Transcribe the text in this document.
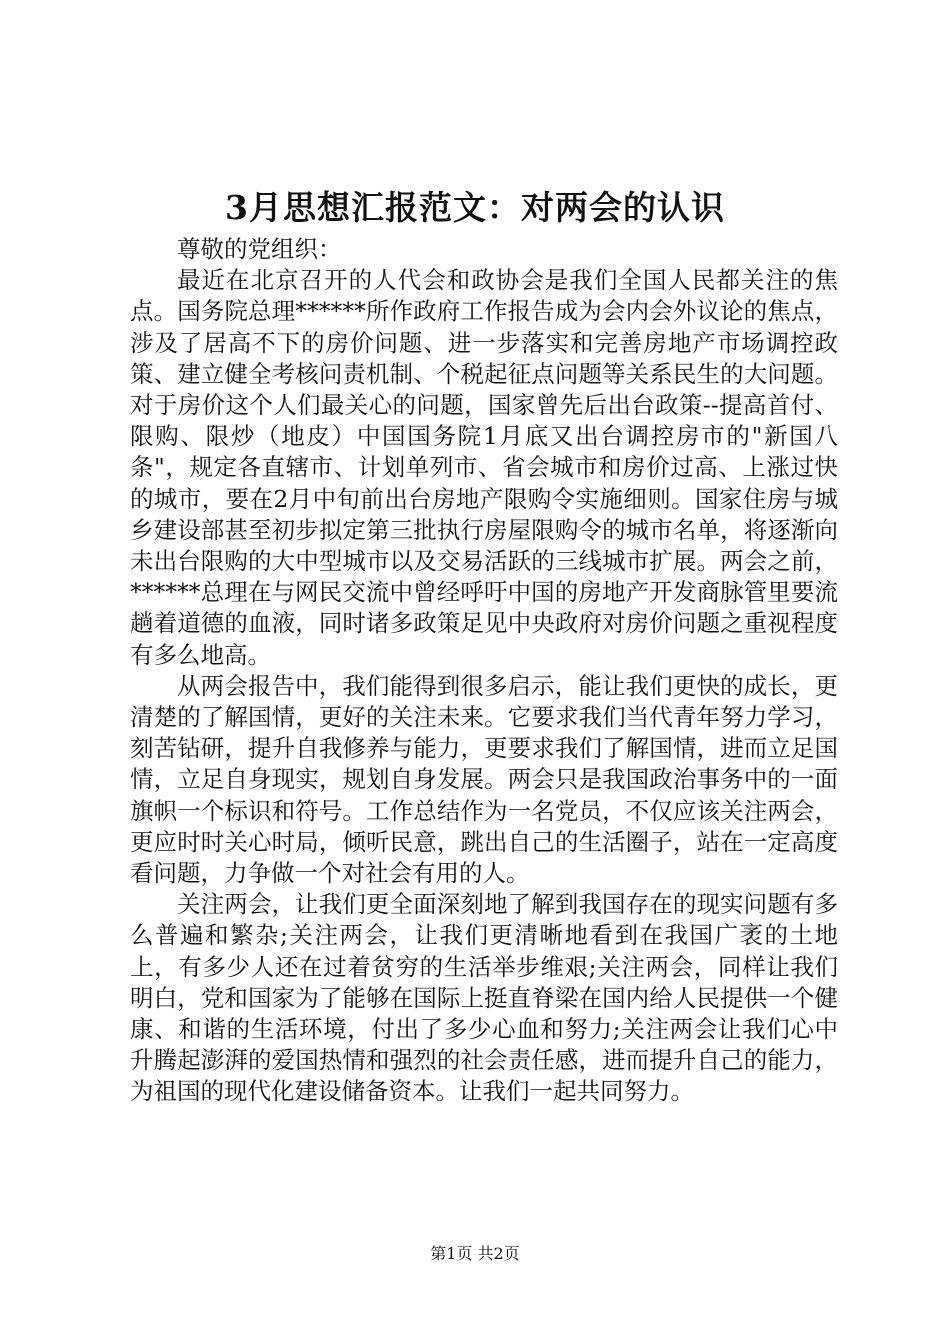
3月思想汇报范文：对两会的认识

尊敬的党组织：

最近在北京召开的人代会和政协会是我们全国人民都关注的焦点。国务院总理******所作政府工作报告成为会内会外议论的焦点，涉及了居高不下的房价问题、进一步落实和完善房地产市场调控政策、建立健全考核问责机制、个税起征点问题等关系民生的大问题。对于房价这个人们最关心的问题，国家曾先后出台政策--提高首付、限购、限炒（地皮）中国国务院1月底又出台调控房市的"新国八条"，规定各直辖市、计划单列市、省会城市和房价过高、上涨过快的城市，要在2月中旬前出台房地产限购令实施细则。国家住房与城乡建设部甚至初步拟定第三批执行房屋限购令的城市名单，将逐渐向未出台限购的大中型城市以及交易活跃的三线城市扩展。两会之前，******总理在与网民交流中曾经呼吁中国的房地产开发商脉管里要流趟着道德的血液，同时诸多政策足见中央政府对房价问题之重视程度有多么地高。

从两会报告中，我们能得到很多启示，能让我们更快的成长，更清楚的了解国情，更好的关注未来。它要求我们当代青年努力学习，刻苦钻研，提升自我修养与能力，更要求我们了解国情，进而立足国情，立足自身现实，规划自身发展。两会只是我国政治事务中的一面旗帜一个标识和符号。工作总结作为一名党员，不仅应该关注两会，更应时时关心时局，倾听民意，跳出自己的生活圈子，站在一定高度看问题，力争做一个对社会有用的人。

关注两会，让我们更全面深刻地了解到我国存在的现实问题有多么普遍和繁杂;关注两会，让我们更清晰地看到在我国广袤的土地上，有多少人还在过着贫穷的生活举步维艰;关注两会，同样让我们明白，党和国家为了能够在国际上挺直脊梁在国内给人民提供一个健康、和谐的生活环境，付出了多少心血和努力;关注两会让我们心中升腾起澎湃的爱国热情和强烈的社会责任感，进而提升自己的能力，为祖国的现代化建设储备资本。让我们一起共同努力。

第1页 共2页
